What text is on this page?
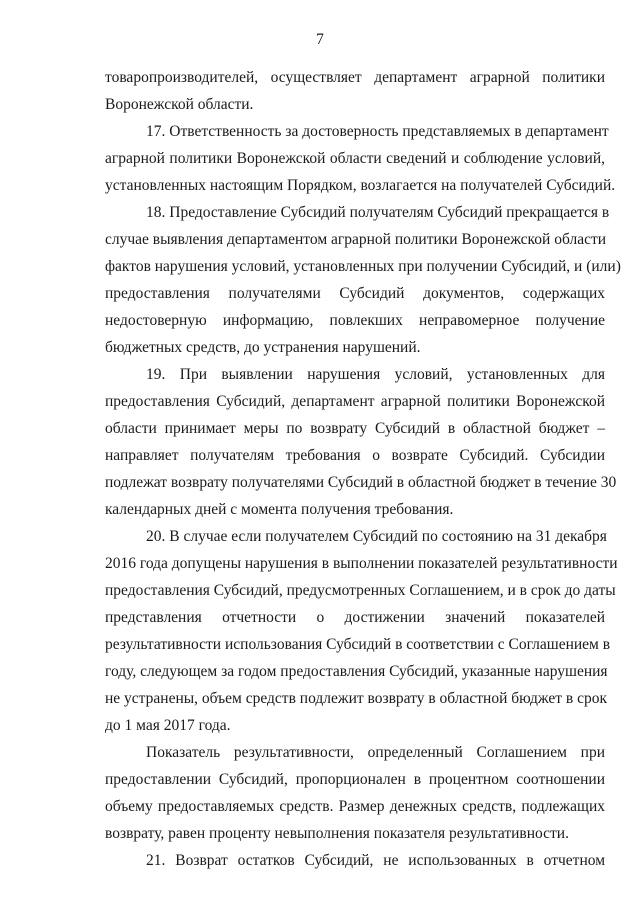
7
товаропроизводителей, осуществляет департамент аграрной политики
Воронежской области.
17. Ответственность за достоверность представляемых в департамент
аграрной политики Воронежской области сведений и соблюдение условий,
установленных настоящим Порядком, возлагается на получателей Субсидий.
18. Предоставление Субсидий получателям Субсидий прекращается в
случае выявления департаментом аграрной политики Воронежской области
фактов нарушения условий, установленных при получении Субсидий, и (или)
предоставления получателями Субсидий документов, содержащих
недостоверную информацию, повлекших неправомерное получение
бюджетных средств, до устранения нарушений.
19. При выявлении нарушения условий, установленных для
предоставления Субсидий, департамент аграрной политики Воронежской
области принимает меры по возврату Субсидий в областной бюджет –
направляет получателям требования о возврате Субсидий. Субсидии
подлежат возврату получателями Субсидий в областной бюджет в течение 30
календарных дней с момента получения требования.
20. В случае если получателем Субсидий по состоянию на 31 декабря
2016 года допущены нарушения в выполнении показателей результативности
предоставления Субсидий, предусмотренных Соглашением, и в срок до даты
представления отчетности о достижении значений показателей
результативности использования Субсидий в соответствии с Соглашением в
году, следующем за годом предоставления Субсидий, указанные нарушения
не устранены, объем средств подлежит возврату в областной бюджет в срок
до 1 мая 2017 года.
Показатель результативности, определенный Соглашением при
предоставлении Субсидий, пропорционален в процентном соотношении
объему предоставляемых средств. Размер денежных средств, подлежащих
возврату, равен проценту невыполнения показателя результативности.
21. Возврат остатков Субсидий, не использованных в отчетном
